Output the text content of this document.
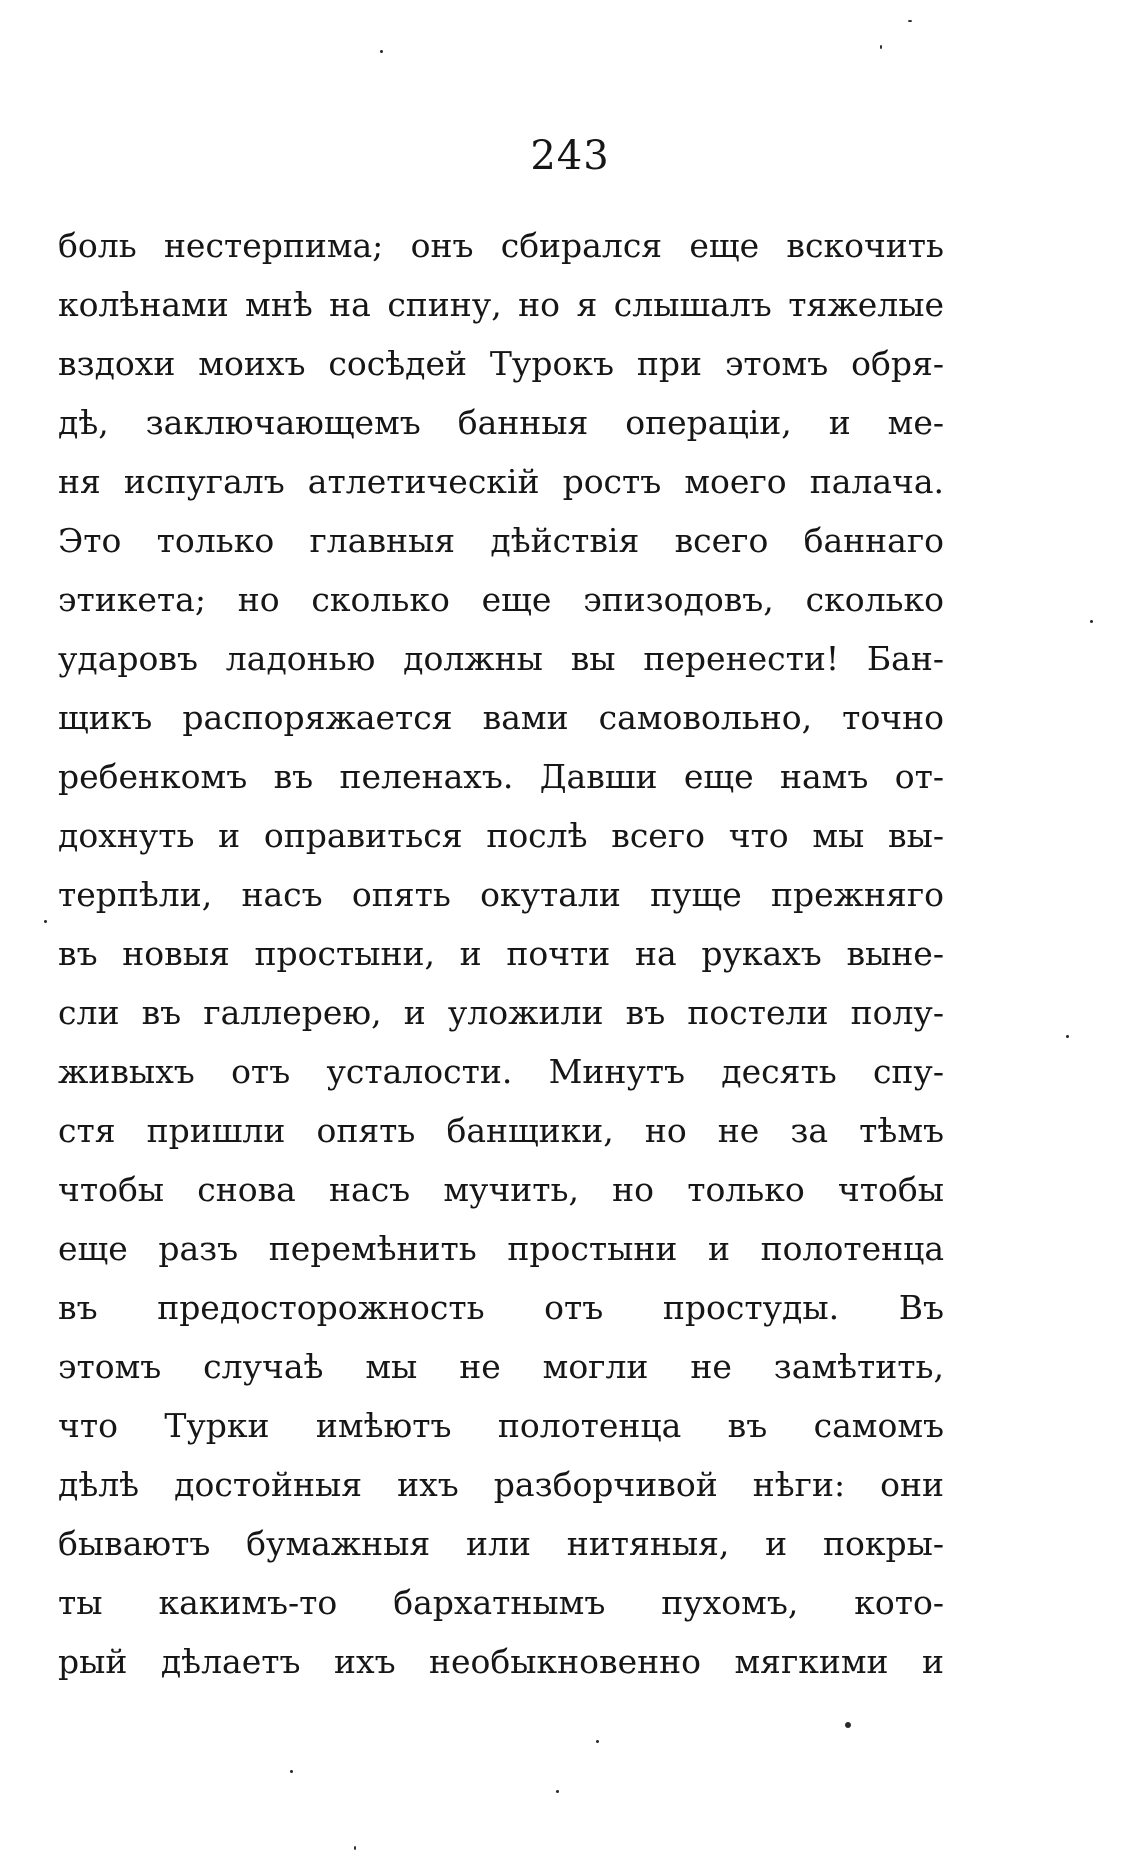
243
боль нестерпима; онъ сбирался еще вскочить
колѣнами мнѣ на спину, но я слышалъ тяжелые
вздохи моихъ сосѣдей Турокъ при этомъ обря-
дѣ, заключающемъ банныя операціи, и ме-
ня испугалъ атлетическій ростъ моего палача.
Это только главныя дѣйствія всего баннаго
этикета; но сколько еще эпизодовъ, сколько
ударовъ ладонью должны вы перенести! Бан-
щикъ распоряжается вами самовольно, точно
ребенкомъ въ пеленахъ. Давши еще намъ от-
дохнуть и оправиться послѣ всего что мы вы-
терпѣли, насъ опять окутали пуще прежняго
въ новыя простыни, и почти на рукахъ выне-
сли въ галлерею, и уложили въ постели полу-
живыхъ отъ усталости. Минутъ десять спу-
стя пришли опять банщики, но не за тѣмъ
чтобы снова насъ мучить, но только чтобы
еще разъ перемѣнить простыни и полотенца
въ предосторожность отъ простуды. Въ
этомъ случаѣ мы не могли не замѣтить,
что Турки имѣютъ полотенца въ самомъ
дѣлѣ достойныя ихъ разборчивой нѣги: они
бываютъ бумажныя или нитяныя, и покры-
ты какимъ-то бархатнымъ пухомъ, кото-
рый дѣлаетъ ихъ необыкновенно мягкими и
